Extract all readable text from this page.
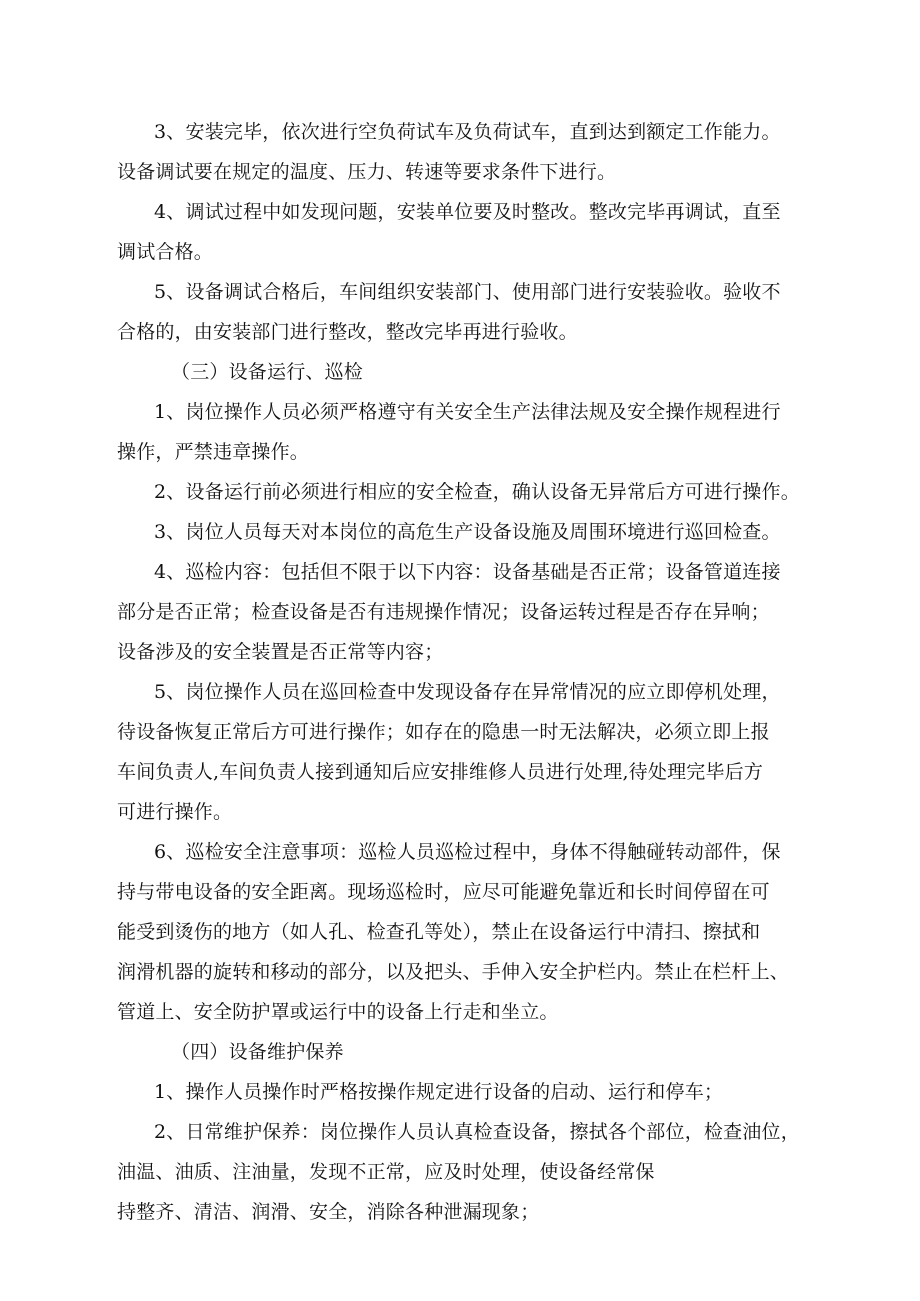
3、安装完毕，依次进行空负荷试车及负荷试车，直到达到额定工作能力。
设备调试要在规定的温度、压力、转速等要求条件下进行。
4、调试过程中如发现问题，安装单位要及时整改。整改完毕再调试，直至
调试合格。
5、设备调试合格后，车间组织安装部门、使用部门进行安装验收。验收不
合格的，由安装部门进行整改，整改完毕再进行验收。
（三）设备运行、巡检
1、岗位操作人员必须严格遵守有关安全生产法律法规及安全操作规程进行
操作，严禁违章操作。
2、设备运行前必须进行相应的安全检查，确认设备无异常后方可进行操作。
3、岗位人员每天对本岗位的高危生产设备设施及周围环境进行巡回检查。
4、巡检内容：包括但不限于以下内容：设备基础是否正常；设备管道连接
部分是否正常；检查设备是否有违规操作情况；设备运转过程是否存在异响；
设备涉及的安全装置是否正常等内容；
5、岗位操作人员在巡回检查中发现设备存在异常情况的应立即停机处理，
待设备恢复正常后方可进行操作；如存在的隐患一时无法解决，必须立即上报
车间负责人,车间负责人接到通知后应安排维修人员进行处理,待处理完毕后方
可进行操作。
6、巡检安全注意事项：巡检人员巡检过程中，身体不得触碰转动部件，保
持与带电设备的安全距离。现场巡检时，应尽可能避免靠近和长时间停留在可
能受到烫伤的地方（如人孔、检查孔等处），禁止在设备运行中清扫、擦拭和
润滑机器的旋转和移动的部分，以及把头、手伸入安全护栏内。禁止在栏杆上、
管道上、安全防护罩或运行中的设备上行走和坐立。
（四）设备维护保养
1、操作人员操作时严格按操作规定进行设备的启动、运行和停车；
2、日常维护保养：岗位操作人员认真检查设备，擦拭各个部位，检查油位，
油温、油质、注油量，发现不正常，应及时处理，使设备经常保
持整齐、清洁、润滑、安全，消除各种泄漏现象；
